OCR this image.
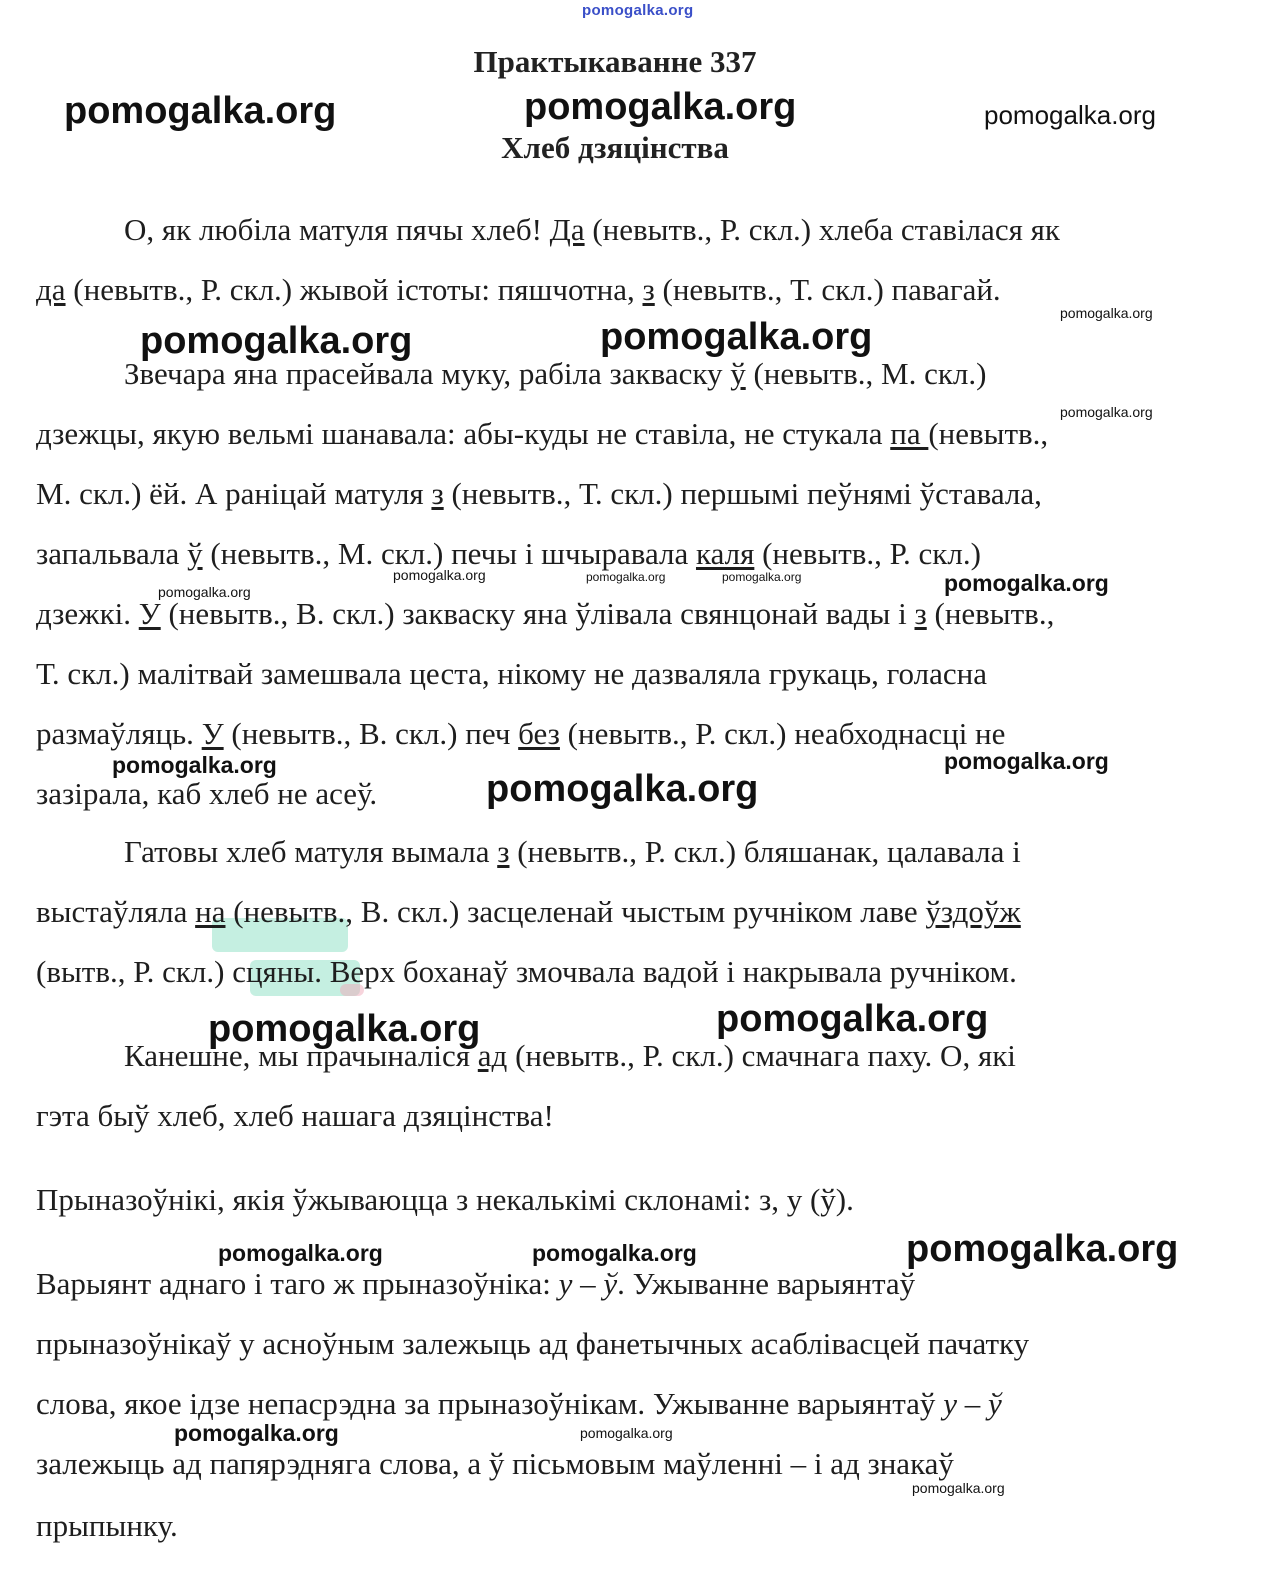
pomogalka.org
Практыкаванне 337
Хлеб дзяцінства
О, як любіла матуля пячы хлеб! Да (невытв., Р. скл.) хлеба ставілася як
да (невытв., Р. скл.) жывой істоты: пяшчотна, з (невытв., Т. скл.) павагай.
Звечара яна прасейвала муку, рабіла закваску ў (невытв., М. скл.)
дзежцы, якую вельмі шанавала: абы-куды не ставіла, не стукала па (невытв.,
М. скл.) ёй. А раніцай матуля з (невытв., Т. скл.) першымі пеўнямі ўставала,
запальвала ў (невытв., М. скл.) печы і шчыравала каля (невытв., Р. скл.)
дзежкі. У (невытв., В. скл.) закваску яна ўлівала свянцонай вады і з (невытв.,
Т. скл.) малітвай замешвала цеста, нікому не дазваляла грукаць, голасна
размаўляць. У (невытв., В. скл.) печ без (невытв., Р. скл.) неабходнасці не
зазірала, каб хлеб не асеў.
Гатовы хлеб матуля вымала з (невытв., Р. скл.) бляшанак, цалавала і
выстаўляла на (невытв., В. скл.) засцеленай чыстым ручніком лаве ўздоўж
(вытв., Р. скл.) сцяны. Верх боханаў змочвала вадой і накрывала ручніком.
Канешне, мы прачыналіся ад (невытв., Р. скл.) смачнага паху. О, які
гэта быў хлеб, хлеб нашага дзяцінства!
Прыназоўнікі, якія ўжываюцца з некалькімі склонамі: з, у (ў).
Варыянт аднаго і таго ж прыназоўніка: у – ў. Ужыванне варыянтаў
прыназоўнікаў у асноўным залежыць ад фанетычных асаблівасцей пачатку
слова, якое ідзе непасрэдна за прыназоўнікам. Ужыванне варыянтаў у – ў
залежыць ад папярэдняга слова, а ў пісьмовым маўленні – і ад знакаў
прыпынку.
pomogalka.org	pomogalka.org	pomogalka.org
pomogalka.org
pomogalka.org	pomogalka.org
pomogalka.org
pomogalka.org
pomogalka.org	pomogalka.org	pomogalka.org	pomogalka.org
pomogalka.org	pomogalka.org
pomogalka.org
pomogalka.org	pomogalka.org
pomogalka.org	pomogalka.org	pomogalka.org
pomogalka.org	pomogalka.org
pomogalka.org
